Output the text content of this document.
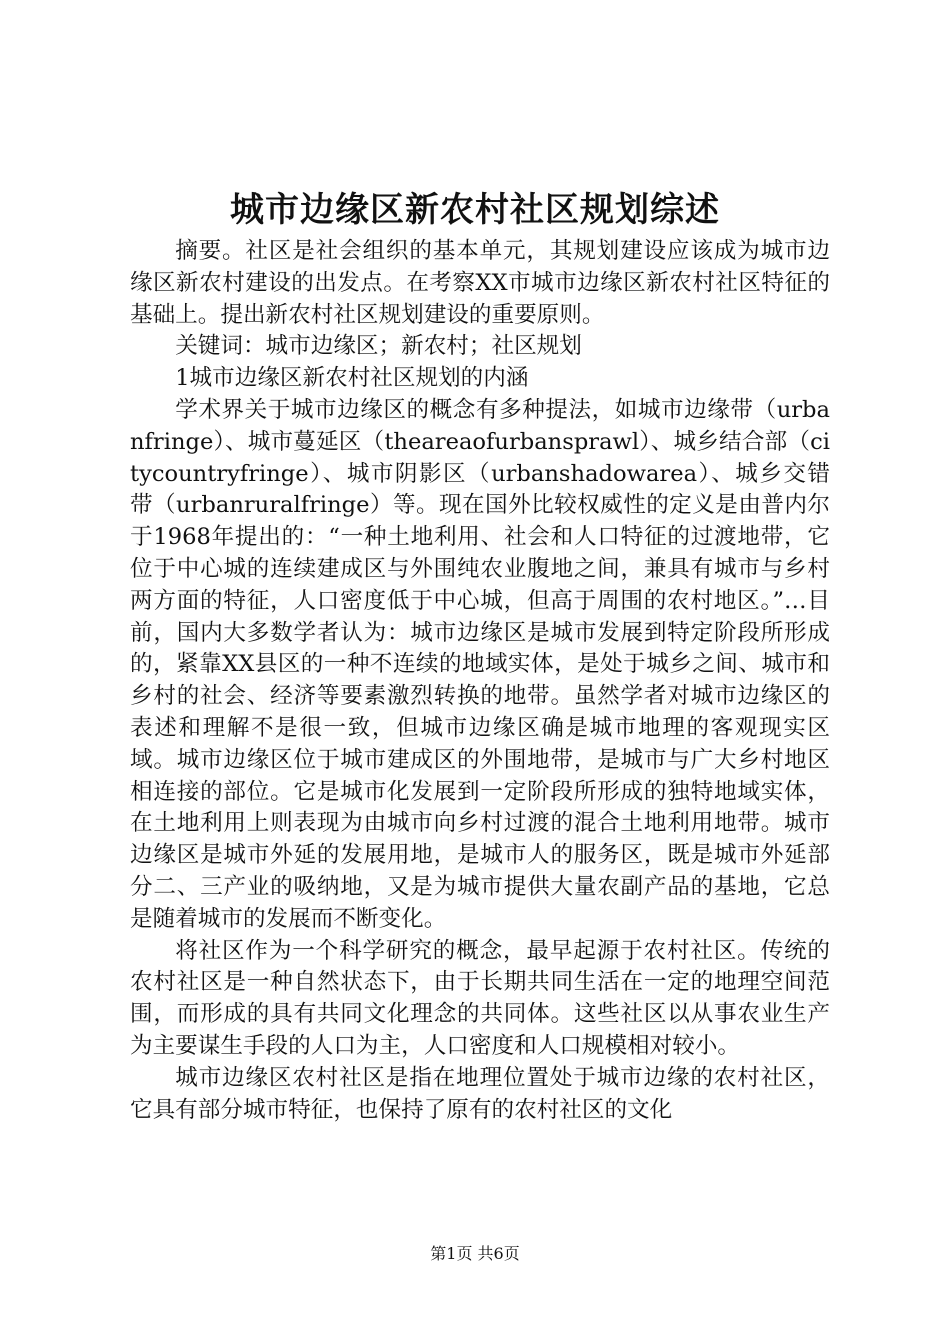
城市边缘区新农村社区规划综述

摘要。社区是社会组织的基本单元，其规划建设应该成为城市边缘区新农村建设的出发点。在考察XX市城市边缘区新农村社区特征的基础上。提出新农村社区规划建设的重要原则。

关键词：城市边缘区；新农村；社区规划

1城市边缘区新农村社区规划的内涵

学术界关于城市边缘区的概念有多种提法，如城市边缘带（urbanfringe）、城市蔓延区（theareaofurbansprawl）、城乡结合部（citycountryfringe）、城市阴影区（urbanshadowarea）、城乡交错带（urbanruralfringe）等。现在国外比较权威性的定义是由普内尔于1968年提出的：“一种土地利用、社会和人口特征的过渡地带，它位于中心城的连续建成区与外围纯农业腹地之间，兼具有城市与乡村两方面的特征，人口密度低于中心城，但高于周围的农村地区。”…目前，国内大多数学者认为：城市边缘区是城市发展到特定阶段所形成的，紧靠XX县区的一种不连续的地域实体，是处于城乡之间、城市和乡村的社会、经济等要素激烈转换的地带。虽然学者对城市边缘区的表述和理解不是很一致，但城市边缘区确是城市地理的客观现实区域。城市边缘区位于城市建成区的外围地带，是城市与广大乡村地区相连接的部位。它是城市化发展到一定阶段所形成的独特地域实体，在土地利用上则表现为由城市向乡村过渡的混合土地利用地带。城市边缘区是城市外延的发展用地，是城市人的服务区，既是城市外延部分二、三产业的吸纳地，又是为城市提供大量农副产品的基地，它总是随着城市的发展而不断变化。

将社区作为一个科学研究的概念，最早起源于农村社区。传统的农村社区是一种自然状态下，由于长期共同生活在一定的地理空间范围，而形成的具有共同文化理念的共同体。这些社区以从事农业生产为主要谋生手段的人口为主，人口密度和人口规模相对较小。

城市边缘区农村社区是指在地理位置处于城市边缘的农村社区，它具有部分城市特征，也保持了原有的农村社区的文化

第1页 共6页
